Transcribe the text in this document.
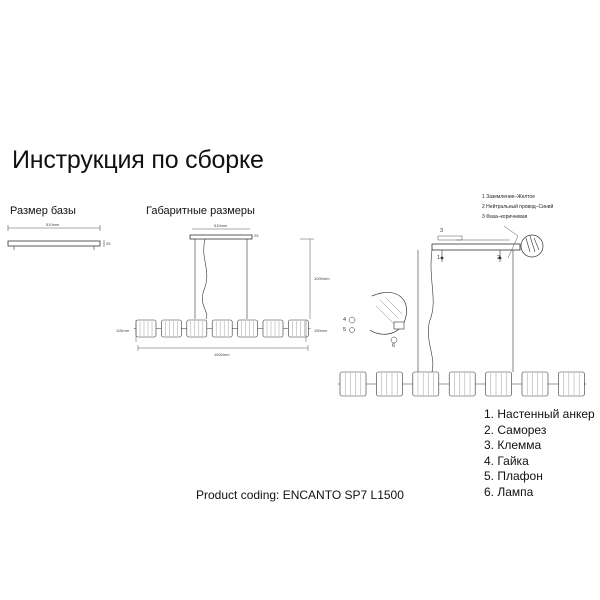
Инструкция по сборке
Размер базы	Габаритные размеры
510mm
25
510mm
25
1000mm
115mm	150mm
1500mm
1 Заземление–Желтое
2 Нейтральный провод–Синий
3 Фаза–коричневая
3
1	2
4
5
6
1. Настенный анкер
2. Саморез
3. Клемма
4. Гайка
5. Плафон
6. Лампа
Product coding: ENCANTO SP7 L1500
